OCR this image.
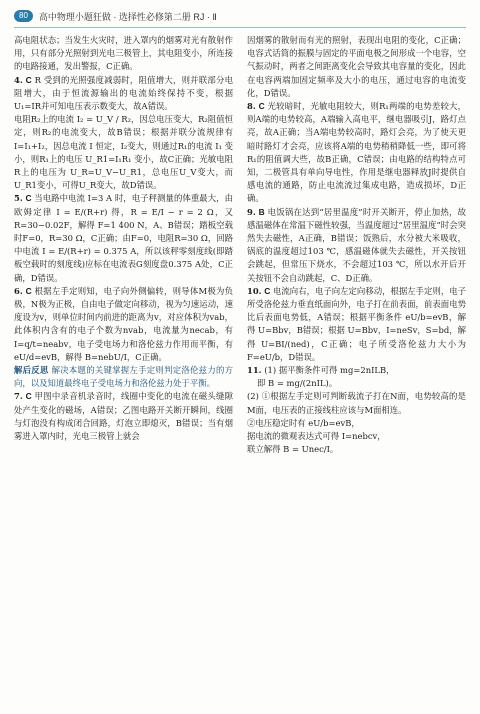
80	高中物理小题狂做 · 选择性必修第二册 RJ · Ⅱ

高电阻状态；当发生火灾时，进入罩内的烟雾对光有散射作用，只有部分光照射到光电三极管上，其电阻变小，所连接的电路接通，发出警报，C正确。

4. C R 受到的光照强度减弱时，阻值增大，则并联部分电阻增大，由于恒流源输出的电流始终保持不变，根据U₁=IR并可知电压表示数变大，故A错误。

电阻R₂上的电流 I₂ = U_V / R₂，因总电压变大，R₂阻值恒定，则R₂的电流变大，故B错误；根据并联分流规律有 I=I₁+I₂，因总电流 I 恒定，I₂变大，则通过R₁的电流 I₁ 变小，则R₁上的电压 U_R1=I₁R₁ 变小，故C正确；光敏电阻R上的电压为 U_R=U_V−U_R1，总电压U_V变大，而U_R1变小，可得U_R变大，故D错误。

5. C 当电路中电流 I=3 A 时，电子秤测量的体重最大，由欧姆定律 I = E/(R+r) 得，R = E/I − r = 2 Ω，又R=30−0.02F，解得 F=1 400 N，A、B错误；踏板空载时F=0，R=30 Ω，C正确；由F=0，电阻R=30 Ω，回路中电流 I = E/(R+r) = 0.375 A，所以该秤零刻度线(即踏板空载时的刻度线)应标在电流表G刻度盘0.375 A处，C正确，D错误。

6. C 根据左手定则知，电子向外侧偏转，则导体M极为负极，N极为正极，自由电子做定向移动，视为匀速运动，速度设为v，则单位时间内前进的距离为v，对应体积为vab，此体积内含有的电子个数为nvab，电流量为necab，有 I=q/t=neabv，电子受电场力和洛伦兹力作用而平衡，有 eU/d=evB，解得 B=nebU/I，C正确。

解后反思 解决本题的关键掌握左手定则判定洛伦兹力的方向，以及知道最终电子受电场力和洛伦兹力处于平衡。

7. C 甲图中录音机录音时，线圈中变化的电流在磁头缝隙处产生变化的磁场，A错误；乙图电路开关断开瞬间，线圈与灯泡没有构成闭合回路，灯泡立即熄灭，B错误；当有烟雾进入罩内时，光电三极管上就会

因烟雾的散射而有光的照射，表现出电阻的变化，C正确；电容式话筒的振膜与固定的平面电极之间形成一个电容，空气振动时，两者之间距离变化会导致其电容量的变化，因此在电容两端加固定频率及大小的电压，通过电容的电流变化，D错误。

8. C 光较暗时，光敏电阻较大，则R₁两端的电势差较大，则A端的电势较高，A端输入高电平，继电器吸引J，路灯点亮，故A正确；当A端电势较高时，路灯会亮，为了使天更暗时路灯才会亮，应该将A端的电势稍稍降低一些，即可将R₁的阻值调大些，故B正确，C错误；由电路的结构特点可知，二极管具有单向导电性，作用是继电器释放J时提供自感电流的通路，防止电流流过集成电路，造成损坏，D正确。

9. B 电饭锅在达到“居里温度”时开关断开，停止加热，故感温磁体在常温下磁性较强，当温度超过“居里温度”时会突然失去磁性，A正确，B错误；饭熟后，水分被大米吸收，锅底的温度超过103 ℃，感温磁体就失去磁性，开关按钮会跳起，但常压下烧水，不会超过103 ℃，所以水开后开关按钮不会自动跳起，C、D正确。

10. C 电流向右，电子向左定向移动，根据左手定则，电子所受洛伦兹力垂直纸面向外，电子打在前表面，前表面电势比后表面电势低，A错误；根据平衡条件 eU/b=evB，解得 U=Bbv，B错误；根据 U=Bbv，I=neSv，S=bd，解得 U=BI/(ned)，C正确；电子所受洛伦兹力大小为 F=eU/b，D错误。

11. (1) 据平衡条件可得 mg=2nILB，

即 B = mg/(2nIL)。

(2) ①根据左手定则可判断载流子打在N面，电势较高的是M面，电压表的正接线柱应该与M面相连。

②电压稳定时有 eU/b=evB，

据电流的微观表达式可得 I=nebcv，

联立解得 B = Unec/I。
